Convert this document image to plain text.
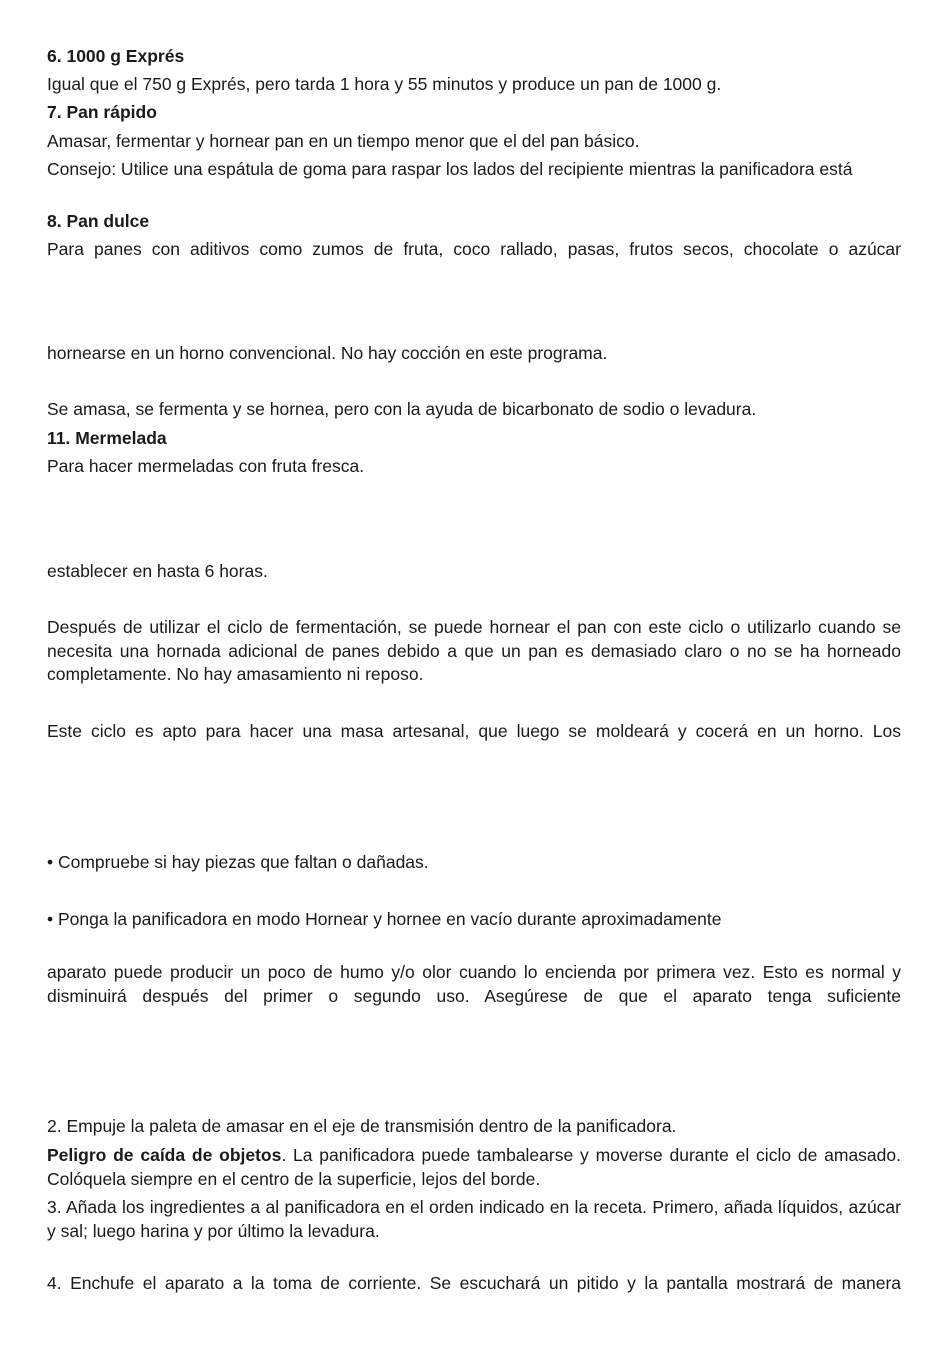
6. 1000 g Exprés

Igual que el 750 g Exprés, pero tarda 1 hora y 55 minutos y produce un pan de 1000 g.

7. Pan rápido

Amasar, fermentar y hornear pan en un tiempo menor que el del pan básico.

Consejo: Utilice una espátula de goma para raspar los lados del recipiente mientras la panificadora está

8. Pan dulce

Para panes con aditivos como zumos de fruta, coco rallado, pasas, frutos secos, chocolate o azúcar

hornearse en un horno convencional. No hay cocción en este programa.

Se amasa, se fermenta y se hornea, pero con la ayuda de bicarbonato de sodio o levadura.

11. Mermelada

Para hacer mermeladas con fruta fresca.

establecer en hasta 6 horas.

Después de utilizar el ciclo de fermentación, se puede hornear el pan con este ciclo o utilizarlo cuando se necesita una hornada adicional de panes debido a que un pan es demasiado claro o no se ha horneado completamente. No hay amasamiento ni reposo.

Este ciclo es apto para hacer una masa artesanal, que luego se moldeará y cocerá en un horno. Los

• Compruebe si hay piezas que faltan o dañadas.

• Ponga la panificadora en modo Hornear y hornee en vacío durante aproximadamente

aparato puede producir un poco de humo y/o olor cuando lo encienda por primera vez. Esto es normal y disminuirá después del primer o segundo uso. Asegúrese de que el aparato tenga suficiente

2. Empuje la paleta de amasar en el eje de transmisión dentro de la panificadora.

Peligro de caída de objetos. La panificadora puede tambalearse y moverse durante el ciclo de amasado. Colóquela siempre en el centro de la superficie, lejos del borde.

3. Añada los ingredientes a al panificadora en el orden indicado en la receta. Primero, añada líquidos, azúcar y sal; luego harina y por último la levadura.

4. Enchufe el aparato a la toma de corriente. Se escuchará un pitido y la pantalla mostrará de manera
